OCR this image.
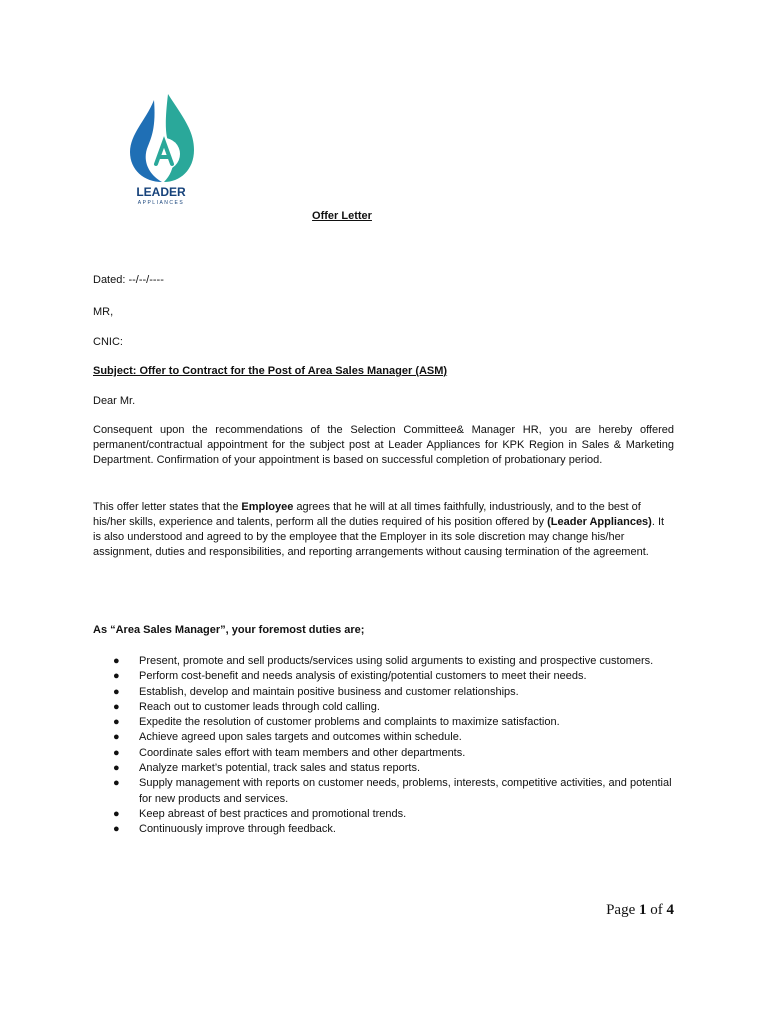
LEADER
APPLIANCES
Offer Letter
Dated: --/--/----
MR,
CNIC:
Subject: Offer to Contract for the Post of Area Sales Manager (ASM)
Dear Mr.
Consequent upon the recommendations of the Selection Committee& Manager HR, you are hereby offered permanent/contractual appointment for the subject post at Leader Appliances for KPK Region in Sales & Marketing Department. Confirmation of your appointment is based on successful completion of probationary period.
This offer letter states that the Employee agrees that he will at all times faithfully, industriously, and to the best of his/her skills, experience and talents, perform all the duties required of his position offered by (Leader Appliances). It is also understood and agreed to by the employee that the Employer in its sole discretion may change his/her assignment, duties and responsibilities, and reporting arrangements without causing termination of the agreement.
As “Area Sales Manager”, your foremost duties are;
● Present, promote and sell products/services using solid arguments to existing and prospective customers.
● Perform cost-benefit and needs analysis of existing/potential customers to meet their needs.
● Establish, develop and maintain positive business and customer relationships.
● Reach out to customer leads through cold calling.
● Expedite the resolution of customer problems and complaints to maximize satisfaction.
● Achieve agreed upon sales targets and outcomes within schedule.
● Coordinate sales effort with team members and other departments.
● Analyze market’s potential, track sales and status reports.
● Supply management with reports on customer needs, problems, interests, competitive activities, and potential for new products and services.
● Keep abreast of best practices and promotional trends.
● Continuously improve through feedback.
Page 1 of 4
